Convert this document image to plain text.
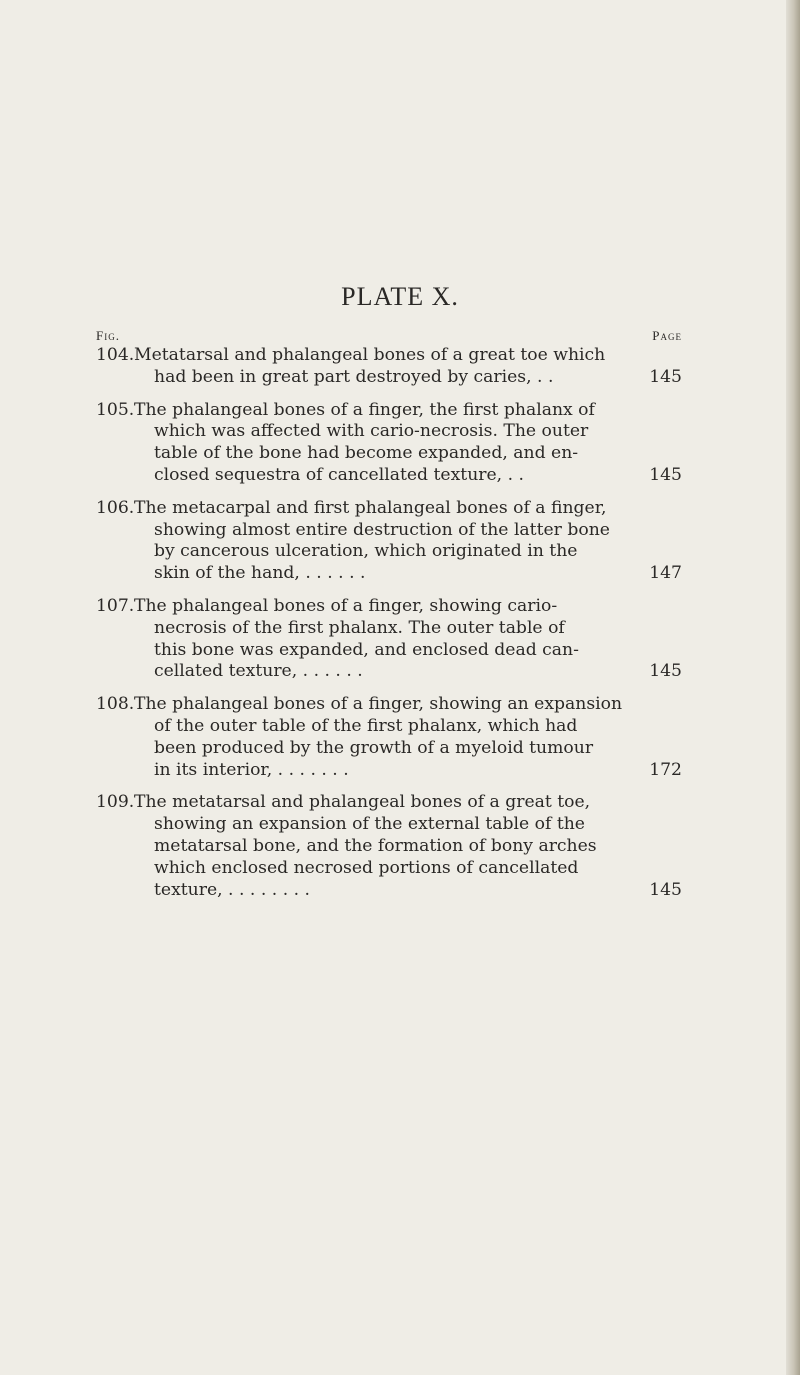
PLATE X.
Fig.	Page
104. Metatarsal and phalangeal bones of a great toe which
had been in great part destroyed by caries, . .	145
105. The phalangeal bones of a finger, the first phalanx of
which was affected with cario-necrosis. The outer
table of the bone had become expanded, and en-
closed sequestra of cancellated texture, . .	145
106. The metacarpal and first phalangeal bones of a finger,
showing almost entire destruction of the latter bone
by cancerous ulceration, which originated in the
skin of the hand, . . . . . .	147
107. The phalangeal bones of a finger, showing cario-
necrosis of the first phalanx. The outer table of
this bone was expanded, and enclosed dead can-
cellated texture, . . . . . .	145
108. The phalangeal bones of a finger, showing an expansion
of the outer table of the first phalanx, which had
been produced by the growth of a myeloid tumour
in its interior, . . . . . . .	172
109. The metatarsal and phalangeal bones of a great toe,
showing an expansion of the external table of the
metatarsal bone, and the formation of bony arches
which enclosed necrosed portions of cancellated
texture, . . . . . . . .	145
